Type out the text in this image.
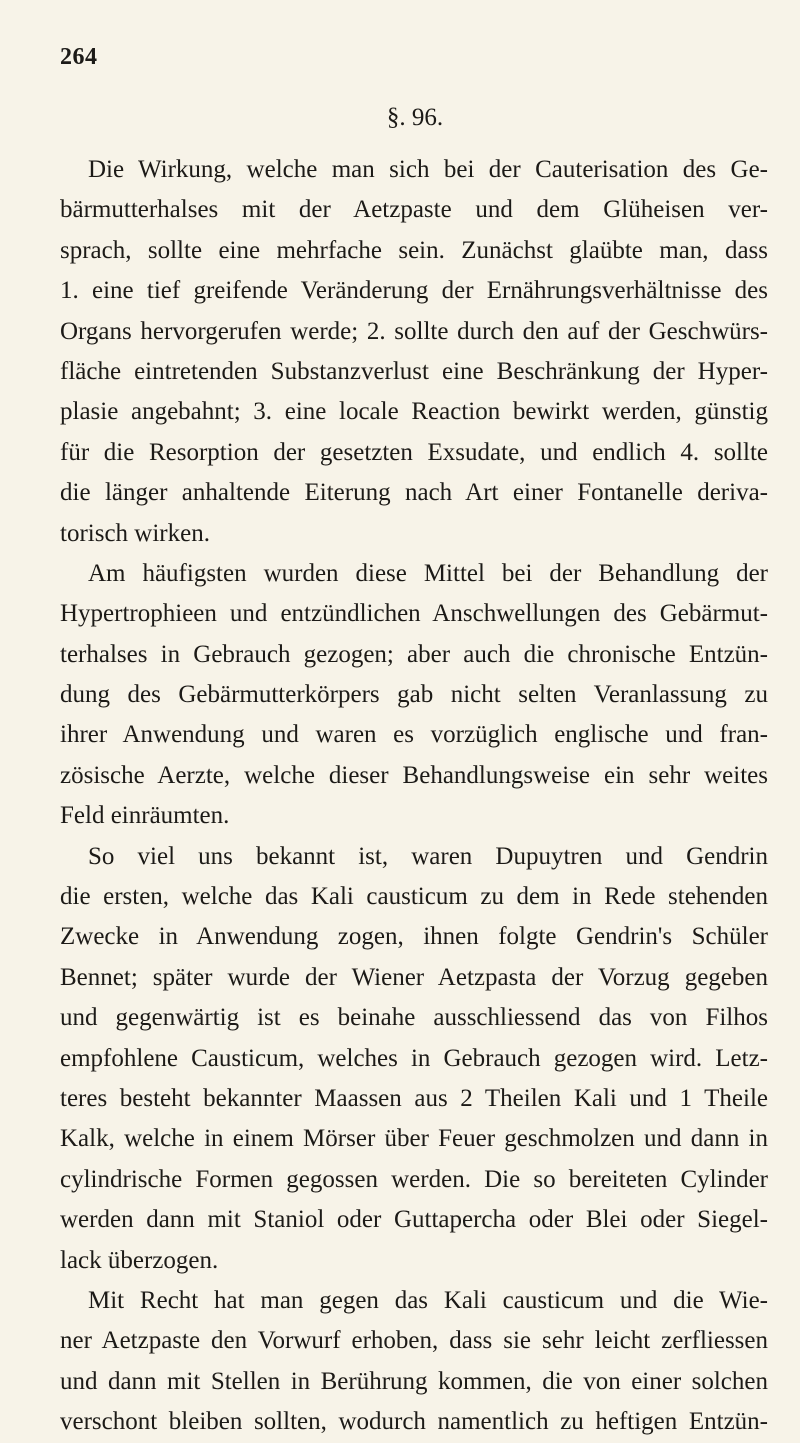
264
§. 96.
Die Wirkung, welche man sich bei der Cauterisation des Ge-
bärmutterhalses mit der Aetzpaste und dem Glüheisen ver-
sprach, sollte eine mehrfache sein. Zunächst glaübte man, dass
1. eine tief greifende Veränderung der Ernährungsverhältnisse des
Organs hervorgerufen werde; 2. sollte durch den auf der Geschwürs-
fläche eintretenden Substanzverlust eine Beschränkung der Hyper-
plasie angebahnt; 3. eine locale Reaction bewirkt werden, günstig
für die Resorption der gesetzten Exsudate, und endlich 4. sollte
die länger anhaltende Eiterung nach Art einer Fontanelle deriva-
torisch wirken.
Am häufigsten wurden diese Mittel bei der Behandlung der
Hypertrophieen und entzündlichen Anschwellungen des Gebärmut-
terhalses in Gebrauch gezogen; aber auch die chronische Entzün-
dung des Gebärmutterkörpers gab nicht selten Veranlassung zu
ihrer Anwendung und waren es vorzüglich englische und fran-
zösische Aerzte, welche dieser Behandlungsweise ein sehr weites
Feld einräumten.
So viel uns bekannt ist, waren Dupuytren und Gendrin
die ersten, welche das Kali causticum zu dem in Rede stehenden
Zwecke in Anwendung zogen, ihnen folgte Gendrin's Schüler
Bennet; später wurde der Wiener Aetzpasta der Vorzug gegeben
und gegenwärtig ist es beinahe ausschliessend das von Filhos
empfohlene Causticum, welches in Gebrauch gezogen wird. Letz-
teres besteht bekannter Maassen aus 2 Theilen Kali und 1 Theile
Kalk, welche in einem Mörser über Feuer geschmolzen und dann in
cylindrische Formen gegossen werden. Die so bereiteten Cylinder
werden dann mit Staniol oder Guttapercha oder Blei oder Siegel-
lack überzogen.
Mit Recht hat man gegen das Kali causticum und die Wie-
ner Aetzpaste den Vorwurf erhoben, dass sie sehr leicht zerfliessen
und dann mit Stellen in Berührung kommen, die von einer solchen
verschont bleiben sollten, wodurch namentlich zu heftigen Entzün-
